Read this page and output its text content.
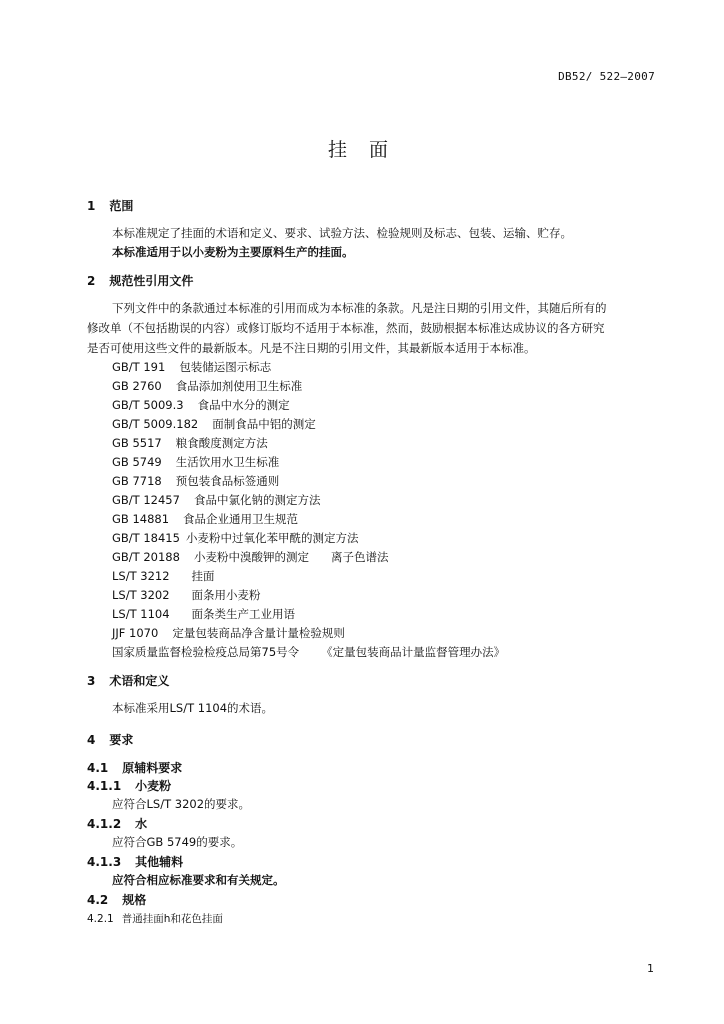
DB52/ 522—2007
挂 面
1 范围
本标准规定了挂面的术语和定义、要求、试验方法、检验规则及标志、包装、运输、贮存。
本标准适用于以小麦粉为主要原料生产的挂面。
2 规范性引用文件
下列文件中的条款通过本标准的引用而成为本标准的条款。凡是注日期的引用文件，其随后所有的
修改单（不包括勘误的内容）或修订版均不适用于本标准，然而，鼓励根据本标准达成协议的各方研究
是否可使用这些文件的最新版本。凡是不注日期的引用文件，其最新版本适用于本标准。
GB/T 191 包装储运图示标志
GB 2760 食品添加剂使用卫生标准
GB/T 5009.3 食品中水分的测定
GB/T 5009.182 面制食品中铝的测定
GB 5517 粮食酸度测定方法
GB 5749 生活饮用水卫生标准
GB 7718 预包装食品标签通则
GB/T 12457 食品中氯化钠的测定方法
GB 14881 食品企业通用卫生规范
GB/T 18415 小麦粉中过氧化苯甲酰的测定方法
GB/T 20188 小麦粉中溴酸钾的测定 离子色谱法
LS/T 3212 挂面
LS/T 3202 面条用小麦粉
LS/T 1104 面条类生产工业用语
JJF 1070 定量包装商品净含量计量检验规则
国家质量监督检验检疫总局第75号令 《定量包装商品计量监督管理办法》
3 术语和定义
本标准采用LS/T 1104的术语。
4 要求
4.1 原辅料要求
4.1.1 小麦粉
应符合LS/T 3202的要求。
4.1.2 水
应符合GB 5749的要求。
4.1.3 其他辅料
应符合相应标准要求和有关规定。
4.2 规格
4.2.1 普通挂面h和花色挂面
1
